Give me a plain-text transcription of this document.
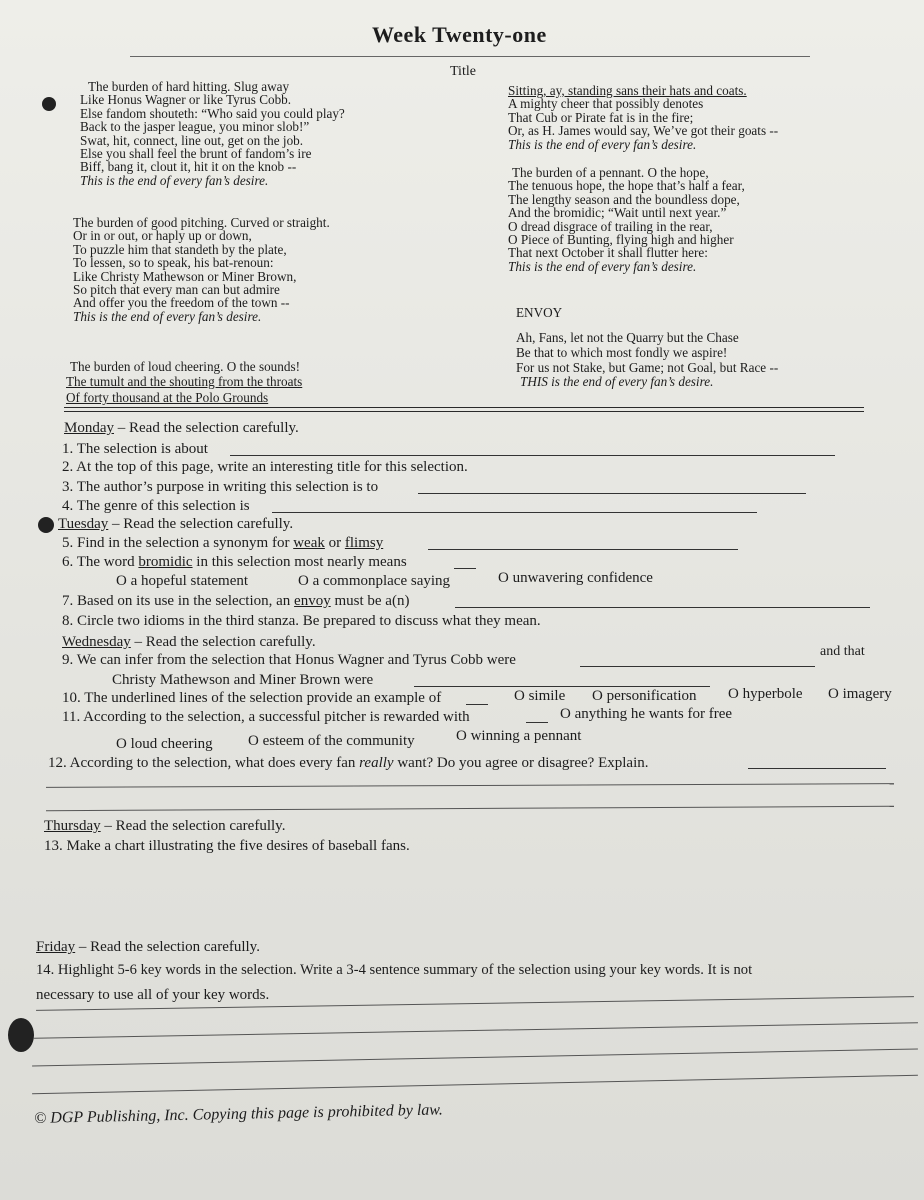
Week Twenty-one
Title
The burden of hard hitting. Slug away
Like Honus Wagner or like Tyrus Cobb.
Else fandom shouteth: “Who said you could play?
Back to the jasper league, you minor slob!”
Swat, hit, connect, line out, get on the job.
Else you shall feel the brunt of fandom’s ire
Biff, bang it, clout it, hit it on the knob --
This is the end of every fan’s desire.
The burden of good pitching. Curved or straight.
Or in or out, or haply up or down,
To puzzle him that standeth by the plate,
To lessen, so to speak, his bat-renoun:
Like Christy Mathewson or Miner Brown,
So pitch that every man can but admire
And offer you the freedom of the town --
This is the end of every fan’s desire.
The burden of loud cheering. O the sounds!
The tumult and the shouting from the throats
Of forty thousand at the Polo Grounds
Sitting, ay, standing sans their hats and coats.
A mighty cheer that possibly denotes
That Cub or Pirate fat is in the fire;
Or, as H. James would say, We’ve got their goats --
This is the end of every fan’s desire.
The burden of a pennant. O the hope,
The tenuous hope, the hope that’s half a fear,
The lengthy season and the boundless dope,
And the bromidic; “Wait until next year.”
O dread disgrace of trailing in the rear,
O Piece of Bunting, flying high and higher
That next October it shall flutter here:
This is the end of every fan’s desire.
ENVOY
Ah, Fans, let not the Quarry but the Chase
Be that to which most fondly we aspire!
For us not Stake, but Game; not Goal, but Race --
THIS is the end of every fan’s desire.
Monday – Read the selection carefully.
1. The selection is about
2. At the top of this page, write an interesting title for this selection.
3. The author’s purpose in writing this selection is to
4. The genre of this selection is
Tuesday – Read the selection carefully.
5. Find in the selection a synonym for weak or flimsy
6. The word bromidic in this selection most nearly means
O a hopeful statement	O a commonplace saying	O unwavering confidence
7. Based on its use in the selection, an envoy must be a(n)
8. Circle two idioms in the third stanza. Be prepared to discuss what they mean.
Wednesday – Read the selection carefully.
9. We can infer from the selection that Honus Wagner and Tyrus Cobb were
and that
Christy Mathewson and Miner Brown were
10. The underlined lines of the selection provide an example of	O simile O personification O hyperbole O imagery
11. According to the selection, a successful pitcher is rewarded with	O anything he wants for free
O loud cheering O esteem of the community	O winning a pennant
12. According to the selection, what does every fan really want? Do you agree or disagree? Explain.
Thursday – Read the selection carefully.
13. Make a chart illustrating the five desires of baseball fans.
Friday – Read the selection carefully.
14. Highlight 5-6 key words in the selection. Write a 3-4 sentence summary of the selection using your key words. It is not
necessary to use all of your key words.
© DGP Publishing, Inc. Copying this page is prohibited by law.
